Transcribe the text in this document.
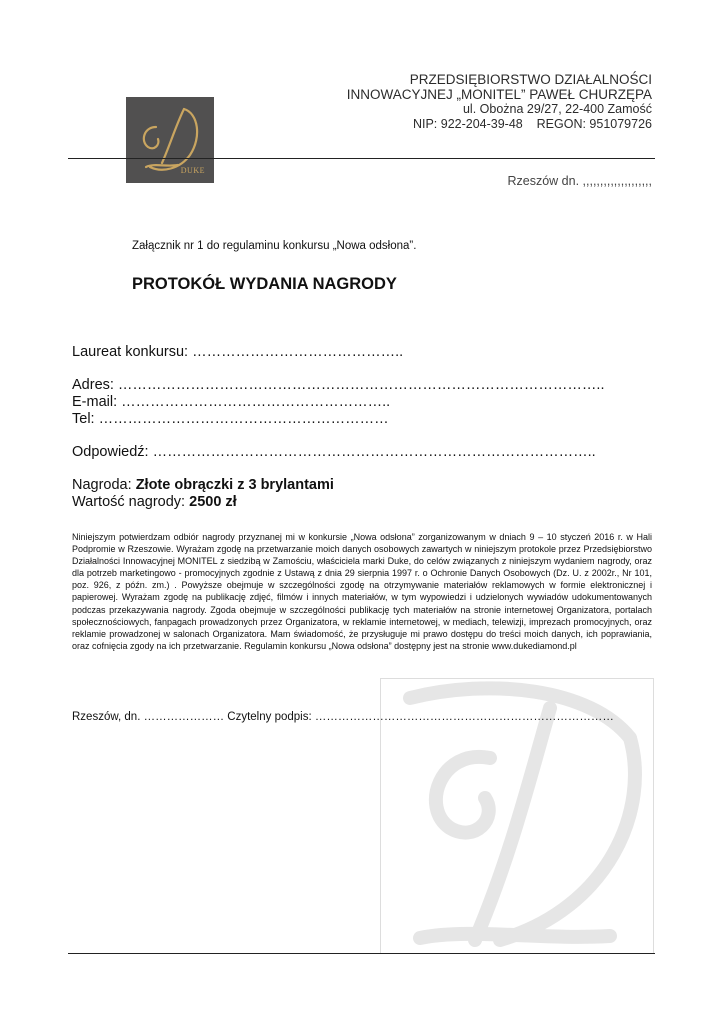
DUKE
PRZEDSIĘBIORSTWO DZIAŁALNOŚCI
INNOWACYJNEJ „MONITEL” PAWEŁ CHURZĘPA
ul. Obożna 29/27, 22-400 Zamość
NIP: 922-204-39-48    REGON: 951079726
Rzeszów dn. ,,,,,,,,,,,,,,,,,,,,
Załącznik nr 1 do regulaminu konkursu „Nowa odsłona”.
PROTOKÓŁ WYDANIA NAGRODY
Laureat konkursu: ……………………………………..
Adres: ………………………………………………………………………………………..
E-mail: ………………………………………………..
Tel: ……………………………………………………
Odpowiedź: ………………………………………………………………………………..
Nagroda: Złote obrączki z 3 brylantami
Wartość nagrody: 2500 zł
Niniejszym potwierdzam odbiór nagrody przyznanej mi w konkursie „Nowa odsłona” zorganizowanym w dniach 9 – 10 styczeń 2016 r. w Hali Podpromie w Rzeszowie. Wyrażam zgodę na przetwarzanie moich danych osobowych zawartych w niniejszym protokole przez Przedsiębiorstwo Działalności Innowacyjnej MONITEL z siedzibą w Zamościu, właściciela marki Duke, do celów związanych z niniejszym wydaniem nagrody, oraz dla potrzeb marketingowo - promocyjnych zgodnie z Ustawą z dnia 29 sierpnia 1997 r. o Ochronie Danych Osobowych (Dz. U. z 2002r., Nr 101, poz. 926, z późn. zm.) . Powyższe obejmuje w szczególności zgodę na otrzymywanie materiałów reklamowych w formie elektronicznej i papierowej. Wyrażam zgodę na publikację zdjęć, filmów i innych materiałów, w tym wypowiedzi i udzielonych wywiadów udokumentowanych podczas przekazywania nagrody. Zgoda obejmuje w szczególności publikację tych materiałów na stronie internetowej Organizatora, portalach społecznościowych, fanpagach prowadzonych przez Organizatora, w reklamie internetowej, w mediach, telewizji, imprezach promocyjnych, oraz reklamie prowadzonej w salonach Organizatora. Mam świadomość, że przysługuje mi prawo dostępu do treści moich danych, ich poprawiania, oraz cofnięcia zgody na ich przetwarzanie. Regulamin konkursu „Nowa odsłona” dostępny jest na stronie www.dukediamond.pl
Rzeszów, dn. ………………… Czytelny podpis: ……………………………………………………………………
